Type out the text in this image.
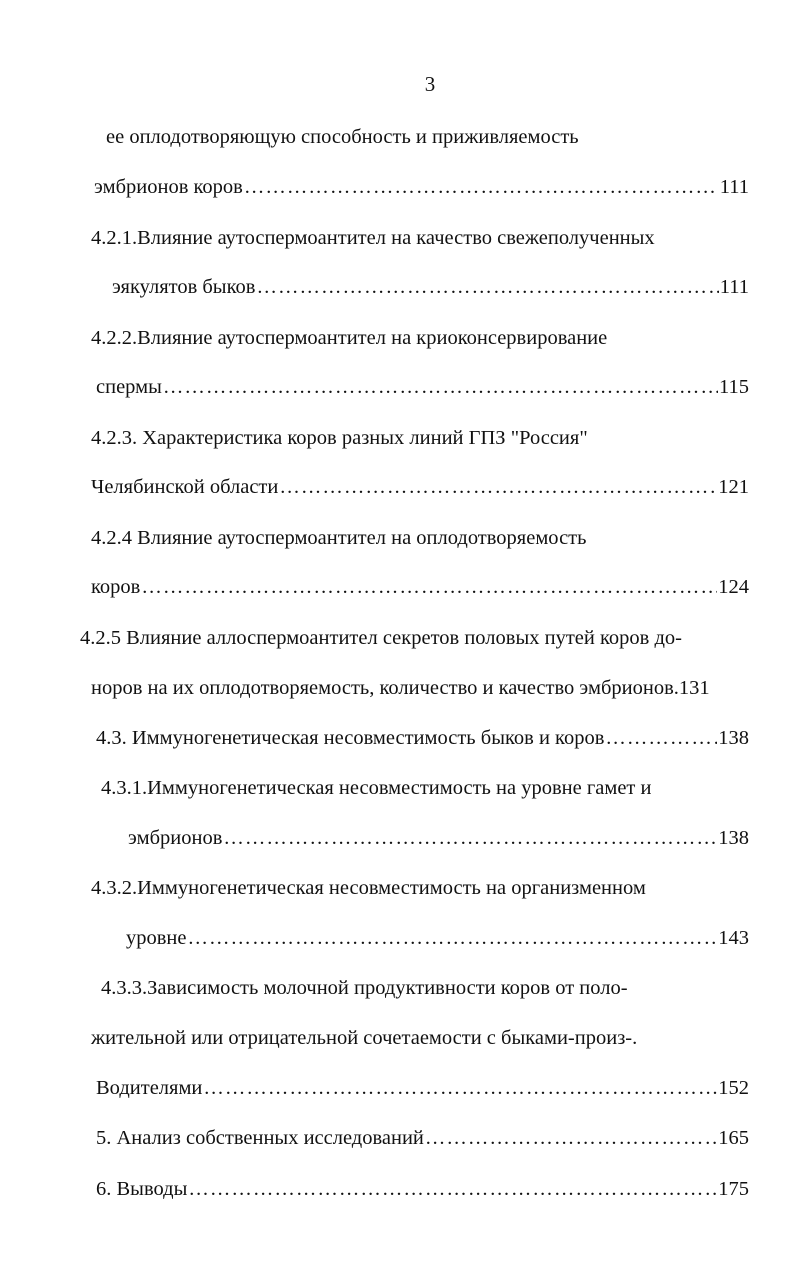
3
ее оплодотворяющую способность и приживляемость
эмбрионов коров ……………………………………………………………………………………………………………………………………………………………………………………	111
4.2.1.Влияние аутоспермоантител на качество свежеполученных
эякулятов быков ……………………………………………………………………………………………………………………………………………………………………………………	111
4.2.2.Влияние аутоспермоантител на криоконсервирование
спермы ……………………………………………………………………………………………………………………………………………………………………………………	115
4.2.3. Характеристика коров разных линий ГПЗ "Россия"
Челябинской области ……………………………………………………………………………………………………………………………………………………………………………………	121
4.2.4 Влияние аутоспермоантител на оплодотворяемость
коров ……………………………………………………………………………………………………………………………………………………………………………………	124
4.2.5 Влияние аллоспермоантител секретов половых путей коров до-
норов на их оплодотворяемость, количество и качество эмбрионов.131
4.3. Иммуногенетическая несовместимость быков и коров ……………………………………………………………………………………………………………………………………………………………………………………	138
4.3.1.Иммуногенетическая несовместимость на уровне гамет и
эмбрионов ……………………………………………………………………………………………………………………………………………………………………………………	138
4.3.2.Иммуногенетическая несовместимость на организменном
уровне ……………………………………………………………………………………………………………………………………………………………………………………	143
4.3.3.Зависимость молочной продуктивности коров от поло-
жительной или отрицательной сочетаемости с быками-произ-.
Водителями ……………………………………………………………………………………………………………………………………………………………………………………	152
5. Анализ собственных исследований ……………………………………………………………………………………………………………………………………………………………………………………	165
6. Выводы ……………………………………………………………………………………………………………………………………………………………………………………	175
